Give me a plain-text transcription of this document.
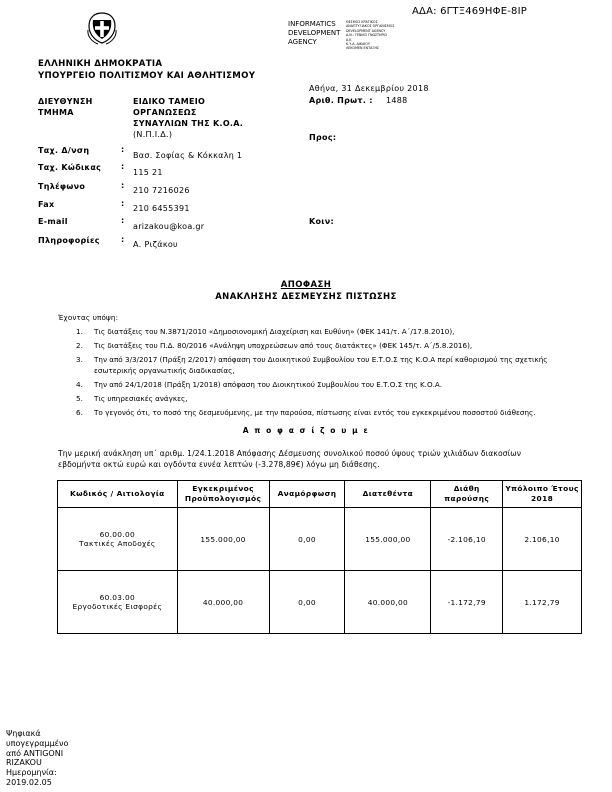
ΑΔΑ: 6ΓΤΞ469ΗΦΕ-8ΙΡ
INFORMATICS
DEVELOPMENT
AGENCY
ΘΕΣΜΟΣ ΚΡΑΤΙΚΟΣ
ΑΝΑΠΤΥΞΙΑΚΟΣ ΟΡΓΑΝΙΣΜΟΣ
DEVELOPMENT AGENCY
Δ.Ν.: ΓΕΝΙΚΟ ΓΝΩΣΤΗΡΙΟ
Α.Ε.
Κ.Υ.Δ. ΔΙΚΑΙΟΥ
ΛΕΚΟΜΕΝ ΕΝΤΑΞΗΣ
ΕΛΛΗΝΙΚΗ ΔΗΜΟΚΡΑΤΙΑ
ΥΠΟΥΡΓΕΙΟ ΠΟΛΙΤΙΣΜΟΥ ΚΑΙ ΑΘΛΗΤΙΣΜΟΥ
ΔΙΕΥΘΥΝΣΗ
ΤΜΗΜΑ
ΕΙΔΙΚΟ ΤΑΜΕΙΟ
ΟΡΓΑΝΩΣΕΩΣ
ΣΥΝΑΥΛΙΩΝ ΤΗΣ Κ.Ο.Α.
(Ν.Π.Ι.Δ.)
Αθήνα, 31 Δεκεμβρίου 2018
Αριθ. Πρωτ. : 1488
Προς:
Κοιν:
Ταχ. Δ/νση	:
Βασ. Σοφίας & Κόκκαλη 1
Ταχ. Κώδικας :
115 21
Τηλέφωνο	:
210 7216026
Fax	:
210 6455391
E-mail	:
arizakou@koa.gr
Πληροφορίες	:
Α. Ριζάκου
ΑΠΟΦΑΣΗ
ΑΝΑΚΛΗΣΗΣ ΔΕΣΜΕΥΣΗΣ ΠΙΣΤΩΣΗΣ
Έχοντας υπόψη:
1. Τις διατάξεις του Ν.3871/2010 «Δημοσιονομική Διαχείριση και Ευθύνη» (ΦΕΚ 141/τ. Α΄/17.8.2010),
2. Τις διατάξεις του Π.Δ. 80/2016 «Ανάληψη υποχρεώσεων από τους διατάκτες» (ΦΕΚ 145/τ. Α΄/5.8.2016),
3. Την από 3/3/2017 (Πράξη 2/2017) απόφαση του Διοικητικού Συμβουλίου του Ε.Τ.Ο.Σ της Κ.Ο.Α περί καθορισμού της σχετικής εσωτερικής οργανωτικής διαδικασίας,
4. Την από 24/1/2018 (Πράξη 1/2018) απόφαση του Διοικητικού Συμβουλίου του Ε.Τ.Ο.Σ της Κ.Ο.Α.
5. Τις υπηρεσιακές ανάγκες,
6. Το γεγονός ότι, το ποσό της δεσμευόμενης, με την παρούσα, πίστωσης είναι εντός του εγκεκριμένου ποσοστού διάθεσης.
Α π ο φ α σ ί ζ ο υ μ ε
Την μερική ανάκληση υπ΄ αριθμ. 1/24.1.2018 Απόφασης Δέσμευσης συνολικού ποσού ύψους τριών χιλιάδων διακοσίων εβδομήντα οκτώ ευρώ και ογδόντα εννέα λεπτών (-3.278,89€) λόγω μη διάθεσης.
Κωδικός / Αιτιολογία	Εγκεκριμένος Προϋπολογισμός	Αναμόρφωση	Διατεθέντα	Διάθη παρούσης	Υπόλοιπο Έτους 2018

60.00.00
Τακτικές Αποδοχές	155.000,00	0,00	155.000,00	-2.106,10	2.106,10

60.03.00
Εργοδοτικές Εισφορές	40.000,00	0,00	40.000,00	-1.172,79	1.172,79
Ψηφιακά
υπογεγραμμένο
από ANTIGONI
RIZAKOU
Ημερομηνία:
2019.02.05
